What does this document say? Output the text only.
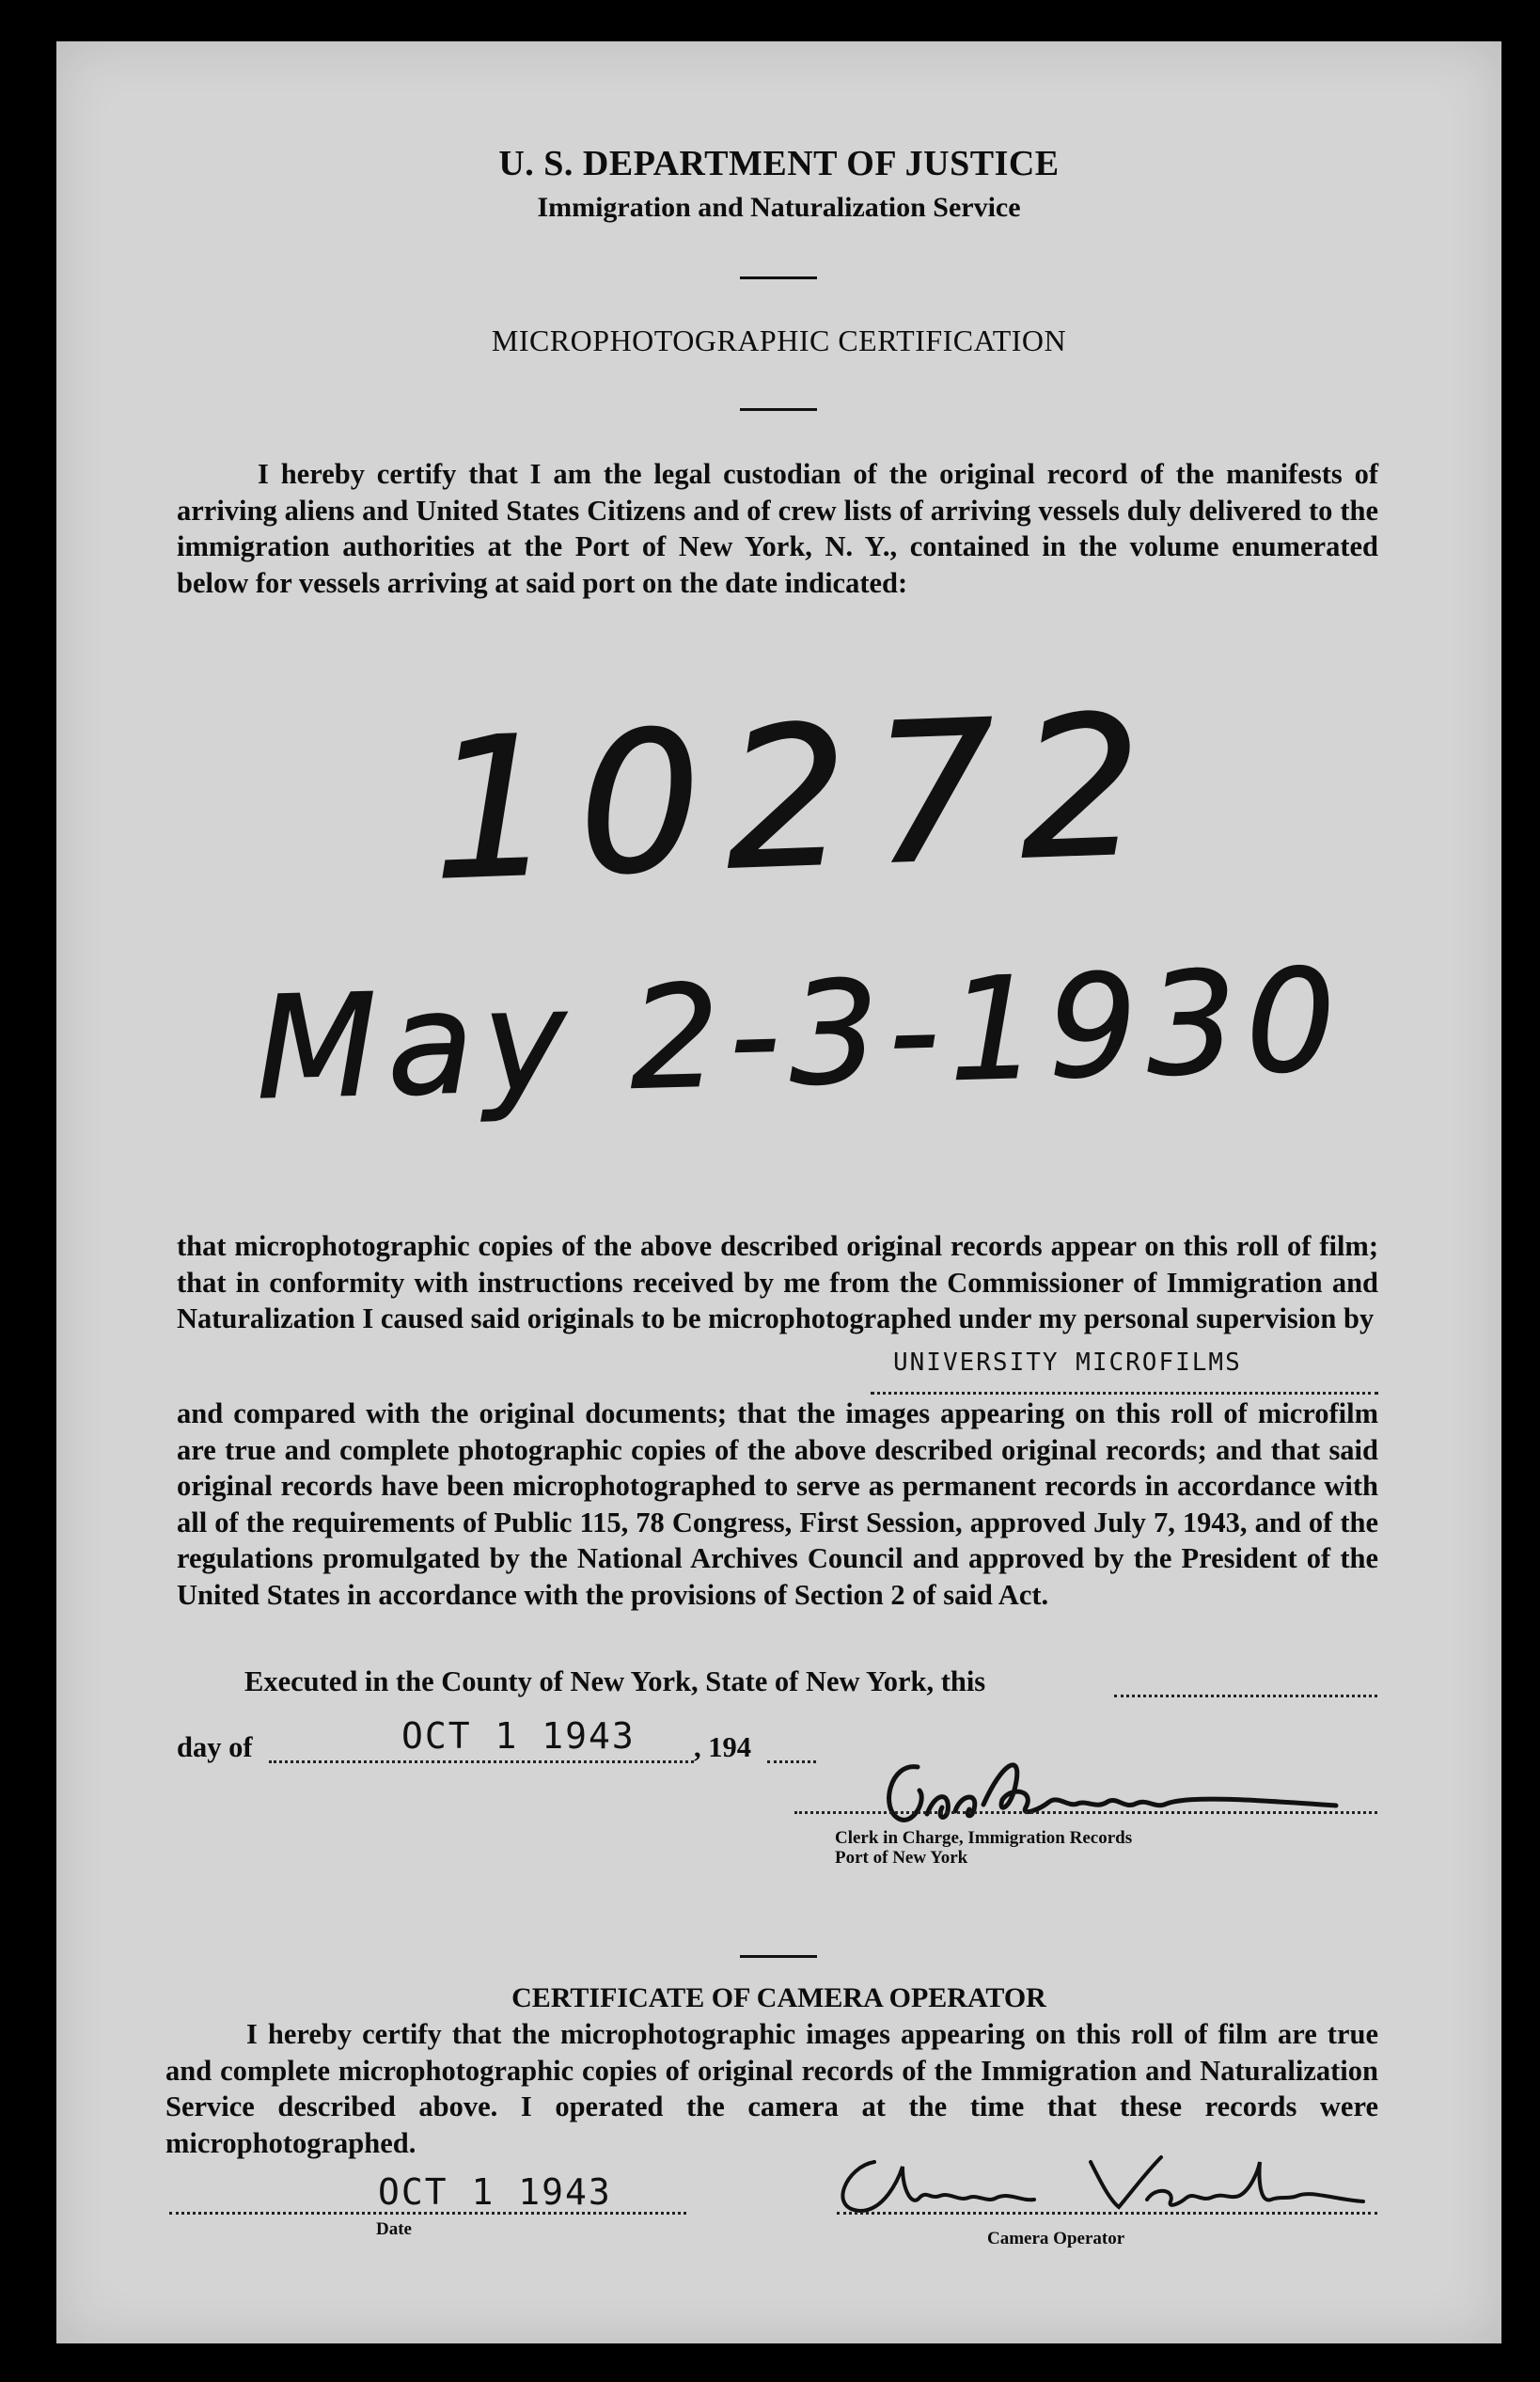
U. S. DEPARTMENT OF JUSTICE
Immigration and Naturalization Service
MICROPHOTOGRAPHIC CERTIFICATION

I hereby certify that I am the legal custodian of the original record of the manifests of arriving aliens and United States Citizens and of crew lists of arriving vessels duly delivered to the immigration authorities at the Port of New York, N. Y., contained in the volume enumerated below for vessels arriving at said port on the date indicated:

10272
May 2-3-1930

that microphotographic copies of the above described original records appear on this roll of film; that in conformity with instructions received by me from the Commissioner of Immigration and Naturalization I caused said originals to be microphotographed under my personal supervision by

UNIVERSITY MICROFILMS

and compared with the original documents; that the images appearing on this roll of microfilm are true and complete photographic copies of the above described original records; and that said original records have been microphotographed to serve as permanent records in accordance with all of the requirements of Public 115, 78 Congress, First Session, approved July 7, 1943, and of the regulations promulgated by the National Archives Council and approved by the President of the United States in accordance with the provisions of Section 2 of said Act.

Executed in the County of New York, State of New York, this
day of	OCT 1 1943 , 194
Clerk in Charge, Immigration Records
Port of New York
CERTIFICATE OF CAMERA OPERATOR

I hereby certify that the microphotographic images appearing on this roll of film are true and complete microphotographic copies of original records of the Immigration and Naturalization Service described above. I operated the camera at the time that these records were microphotographed.

OCT 1 1943
Date	Camera Operator
